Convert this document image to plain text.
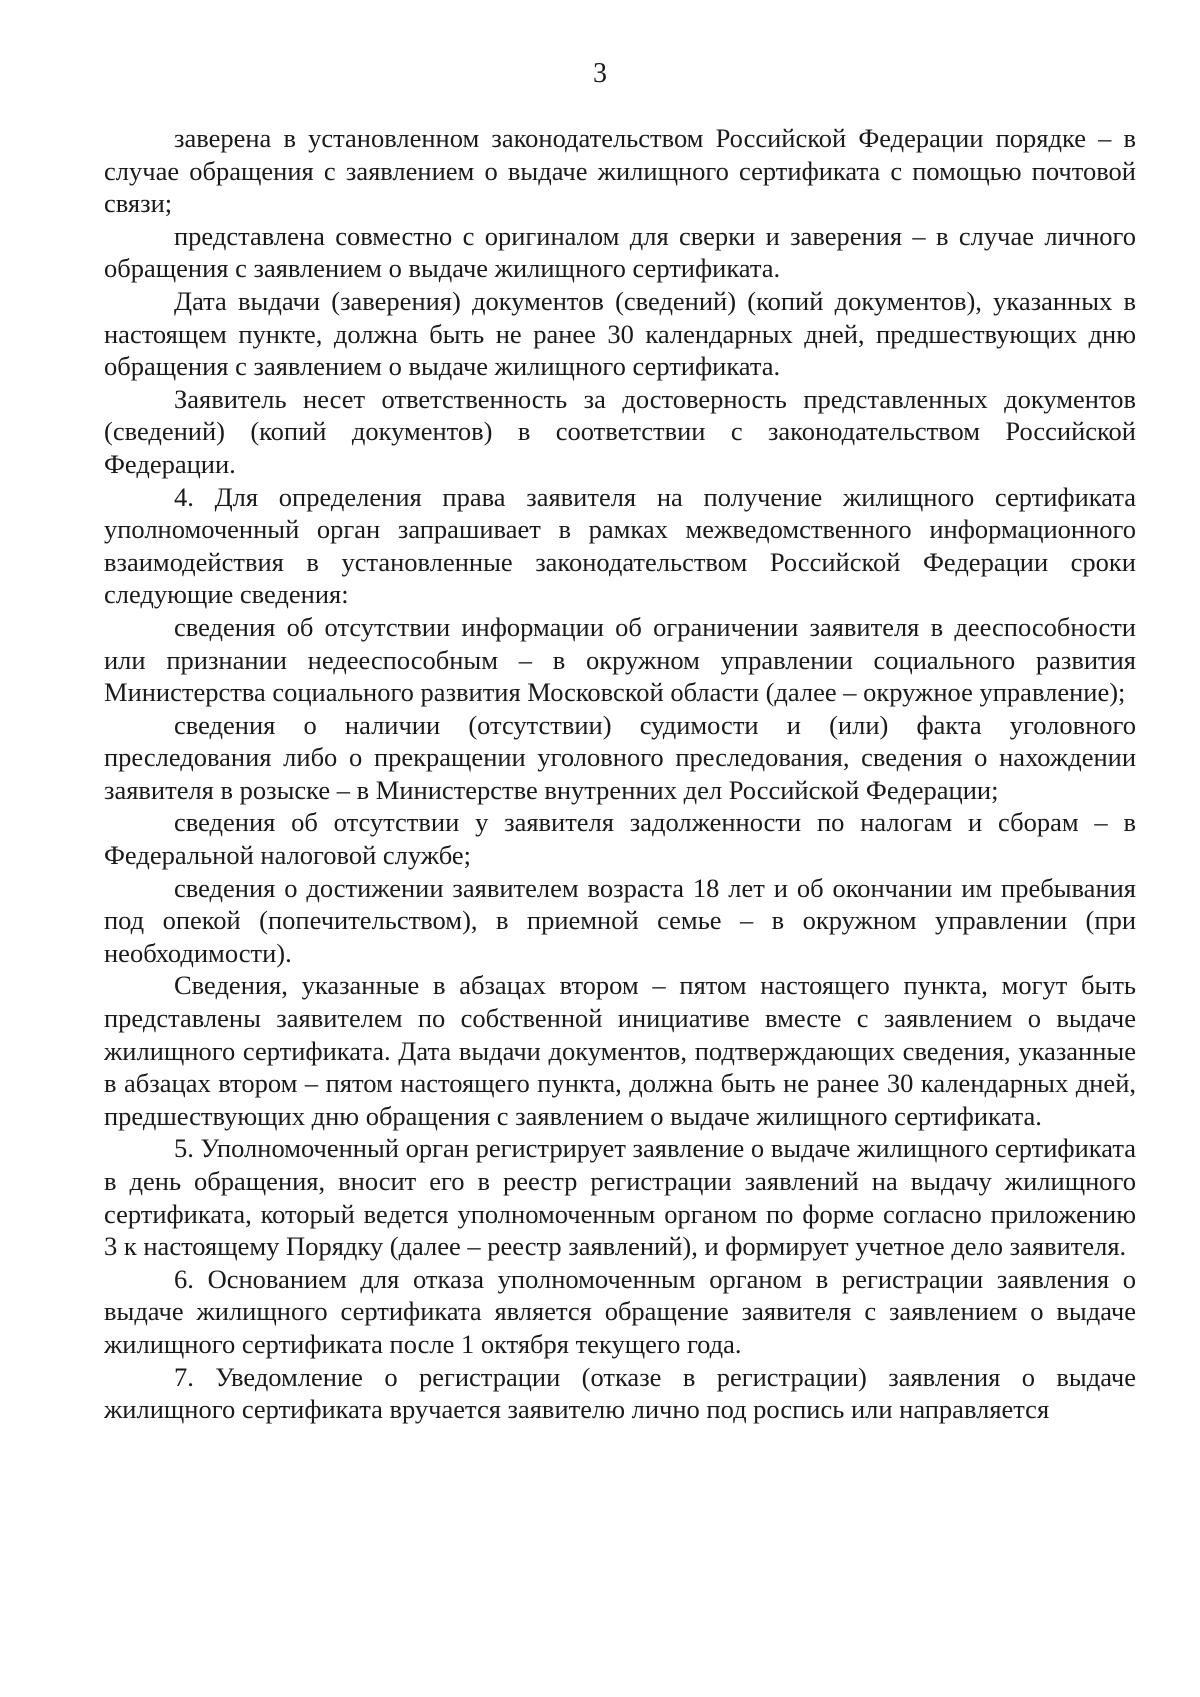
3

заверена в установленном законодательством Российской Федерации порядке – в случае обращения с заявлением о выдаче жилищного сертификата с помощью почтовой связи;

представлена совместно с оригиналом для сверки и заверения – в случае личного обращения с заявлением о выдаче жилищного сертификата.

Дата выдачи (заверения) документов (сведений) (копий документов), указанных в настоящем пункте, должна быть не ранее 30 календарных дней, предшествующих дню обращения с заявлением о выдаче жилищного сертификата.

Заявитель несет ответственность за достоверность представленных документов (сведений) (копий документов) в соответствии с законодательством Российской Федерации.

4. Для определения права заявителя на получение жилищного сертификата уполномоченный орган запрашивает в рамках межведомственного информационного взаимодействия в установленные законодательством Российской Федерации сроки следующие сведения:

сведения об отсутствии информации об ограничении заявителя в дееспособности или признании недееспособным – в окружном управлении социального развития Министерства социального развития Московской области (далее – окружное управление);

сведения о наличии (отсутствии) судимости и (или) факта уголовного преследования либо о прекращении уголовного преследования, сведения о нахождении заявителя в розыске – в Министерстве внутренних дел Российской Федерации;

сведения об отсутствии у заявителя задолженности по налогам и сборам – в Федеральной налоговой службе;

сведения о достижении заявителем возраста 18 лет и об окончании им пребывания под опекой (попечительством), в приемной семье – в окружном управлении (при необходимости).

Сведения, указанные в абзацах втором – пятом настоящего пункта, могут быть представлены заявителем по собственной инициативе вместе с заявлением о выдаче жилищного сертификата. Дата выдачи документов, подтверждающих сведения, указанные в абзацах втором – пятом настоящего пункта, должна быть не ранее 30 календарных дней, предшествующих дню обращения с заявлением о выдаче жилищного сертификата.

5. Уполномоченный орган регистрирует заявление о выдаче жилищного сертификата в день обращения, вносит его в реестр регистрации заявлений на выдачу жилищного сертификата, который ведется уполномоченным органом по форме согласно приложению 3 к настоящему Порядку (далее – реестр заявлений), и формирует учетное дело заявителя.

6. Основанием для отказа уполномоченным органом в регистрации заявления о выдаче жилищного сертификата является обращение заявителя с заявлением о выдаче жилищного сертификата после 1 октября текущего года.

7. Уведомление о регистрации (отказе в регистрации) заявления о выдаче жилищного сертификата вручается заявителю лично под роспись или направляется
